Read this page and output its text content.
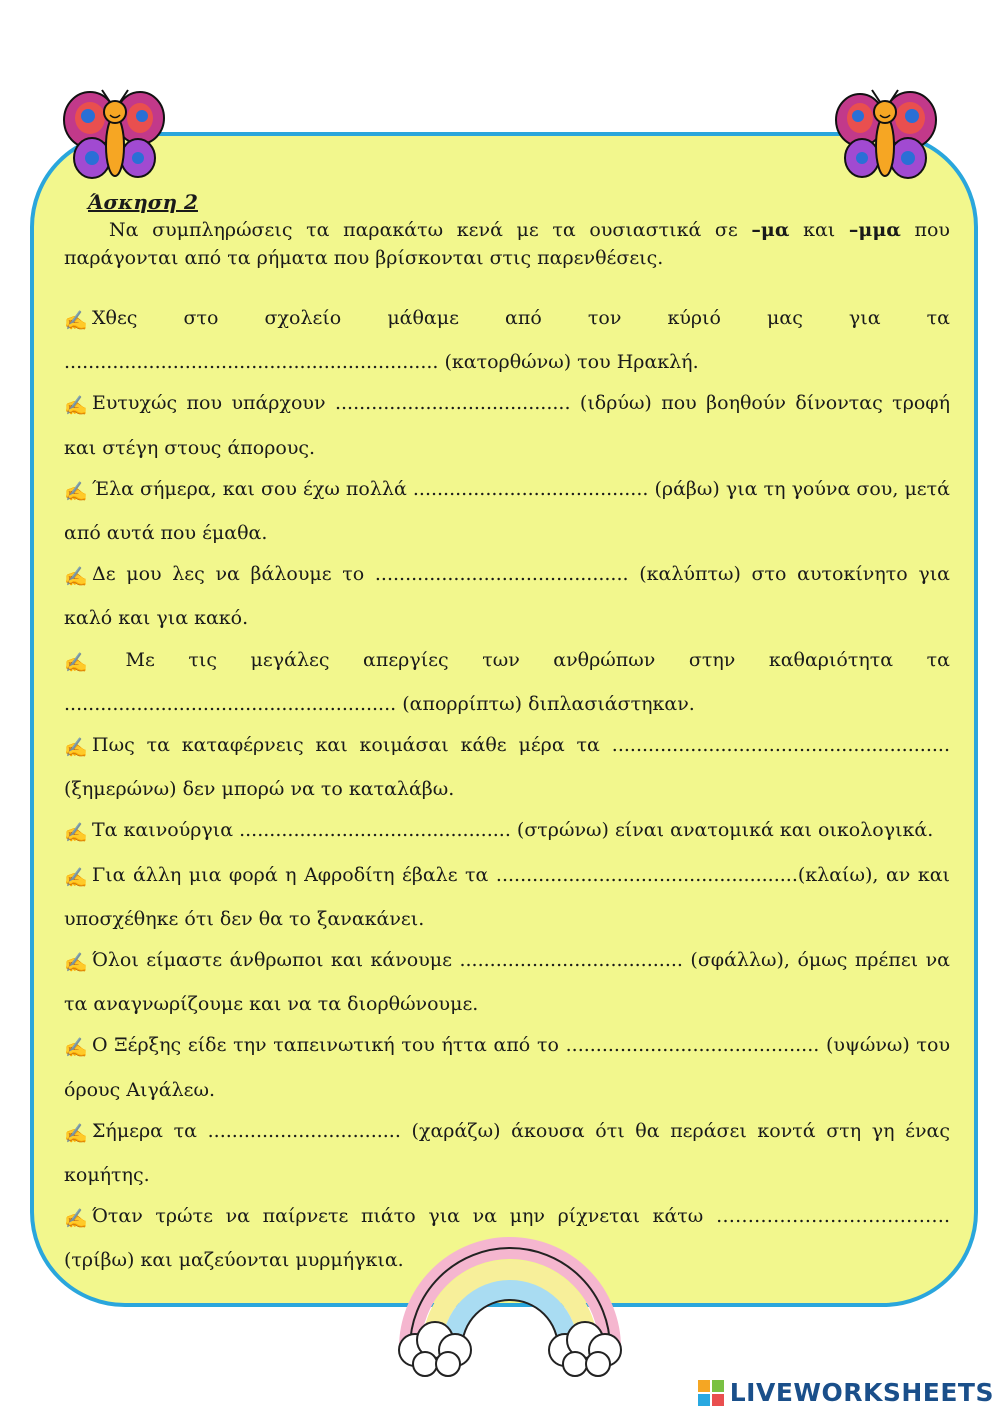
Άσκηση 2

Να συμπληρώσεις τα παρακάτω κενά με τα ουσιαστικά σε –μα και –μμα που παράγονται από τα ρήματα που βρίσκονται στις παρενθέσεις.

✍ Χθες στο σχολείο μάθαμε από τον κύριό μας για τα .............................................................. (κατορθώνω) του Ηρακλή.
✍ Ευτυχώς που υπάρχουν ....................................... (ιδρύω) που βοηθούν δίνοντας τροφή και στέγη στους άπορους.
✍ Έλα σήμερα, και σου έχω πολλά ....................................... (ράβω) για τη γούνα σου, μετά από αυτά που έμαθα.
✍ Δε μου λες να βάλουμε το .......................................... (καλύπτω) στο αυτοκίνητο για καλό και για κακό.
✍ Με τις μεγάλες απεργίες των ανθρώπων στην καθαριότητα τα ....................................................... (απορρίπτω) διπλασιάστηκαν.
✍ Πως τα καταφέρνεις και κοιμάσαι κάθε μέρα τα ........................................................ (ξημερώνω) δεν μπορώ να το καταλάβω.
✍ Τα καινούργια ............................................. (στρώνω) είναι ανατομικά και οικολογικά.
✍ Για άλλη μια φορά η Αφροδίτη έβαλε τα ..................................................(κλαίω), αν και υποσχέθηκε ότι δεν θα το ξανακάνει.
✍ Όλοι είμαστε άνθρωποι και κάνουμε ..................................... (σφάλλω), όμως πρέπει να τα αναγνωρίζουμε και να τα διορθώνουμε.
✍ Ο Ξέρξης είδε την ταπεινωτική του ήττα από το .......................................... (υψώνω) του όρους Αιγάλεω.
✍ Σήμερα τα ................................ (χαράζω) άκουσα ότι θα περάσει κοντά στη γη ένας κομήτης.
✍ Όταν τρώτε να παίρνετε πιάτο για να μην ρίχνεται κάτω ………………………………. (τρίβω) και μαζεύονται μυρμήγκια.
LIVEWORKSHEETS
